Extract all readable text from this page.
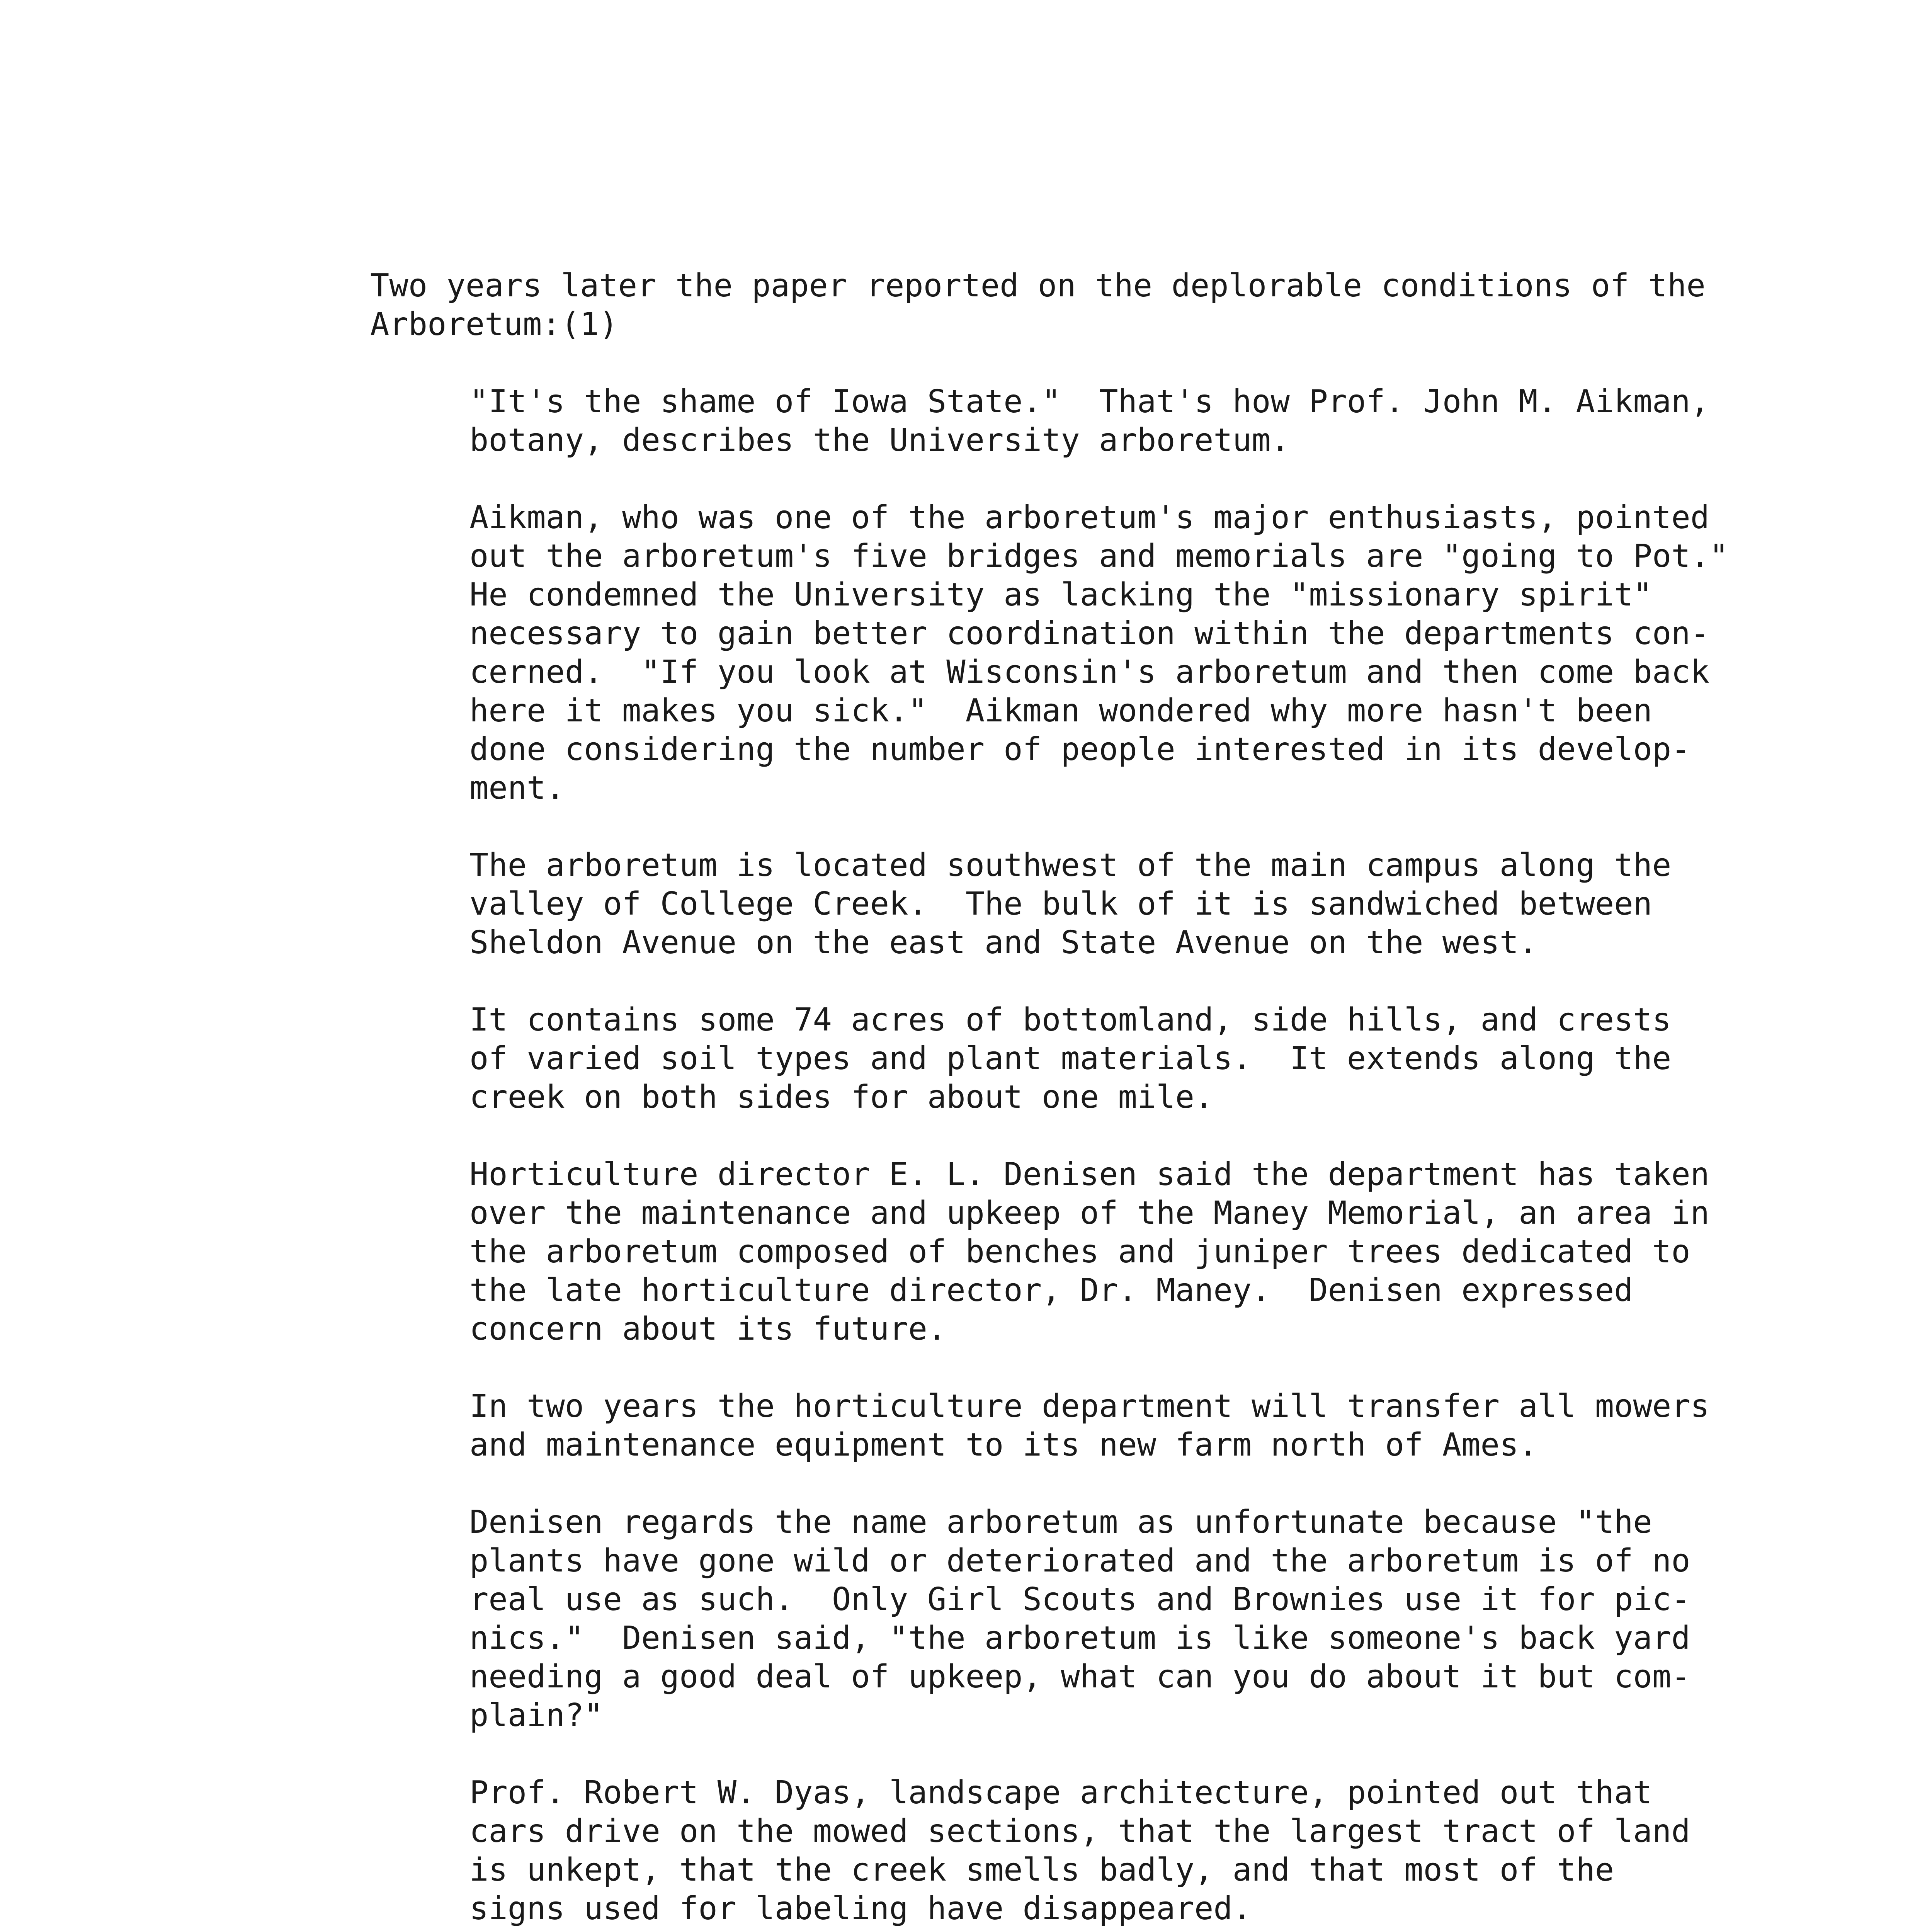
Two years later the paper reported on the deplorable conditions of the
Arboretum:(1)
"It's the shame of Iowa State."  That's how Prof. John M. Aikman,
botany, describes the University arboretum.
Aikman, who was one of the arboretum's major enthusiasts, pointed
out the arboretum's five bridges and memorials are "going to Pot."
He condemned the University as lacking the "missionary spirit"
necessary to gain better coordination within the departments con-
cerned.  "If you look at Wisconsin's arboretum and then come back
here it makes you sick."  Aikman wondered why more hasn't been
done considering the number of people interested in its develop-
ment.
The arboretum is located southwest of the main campus along the
valley of College Creek.  The bulk of it is sandwiched between
Sheldon Avenue on the east and State Avenue on the west.
It contains some 74 acres of bottomland, side hills, and crests
of varied soil types and plant materials.  It extends along the
creek on both sides for about one mile.
Horticulture director E. L. Denisen said the department has taken
over the maintenance and upkeep of the Maney Memorial, an area in
the arboretum composed of benches and juniper trees dedicated to
the late horticulture director, Dr. Maney.  Denisen expressed
concern about its future.
In two years the horticulture department will transfer all mowers
and maintenance equipment to its new farm north of Ames.
Denisen regards the name arboretum as unfortunate because "the
plants have gone wild or deteriorated and the arboretum is of no
real use as such.  Only Girl Scouts and Brownies use it for pic-
nics."  Denisen said, "the arboretum is like someone's back yard
needing a good deal of upkeep, what can you do about it but com-
plain?"
Prof. Robert W. Dyas, landscape architecture, pointed out that
cars drive on the mowed sections, that the largest tract of land
is unkept, that the creek smells badly, and that most of the
signs used for labeling have disappeared.
